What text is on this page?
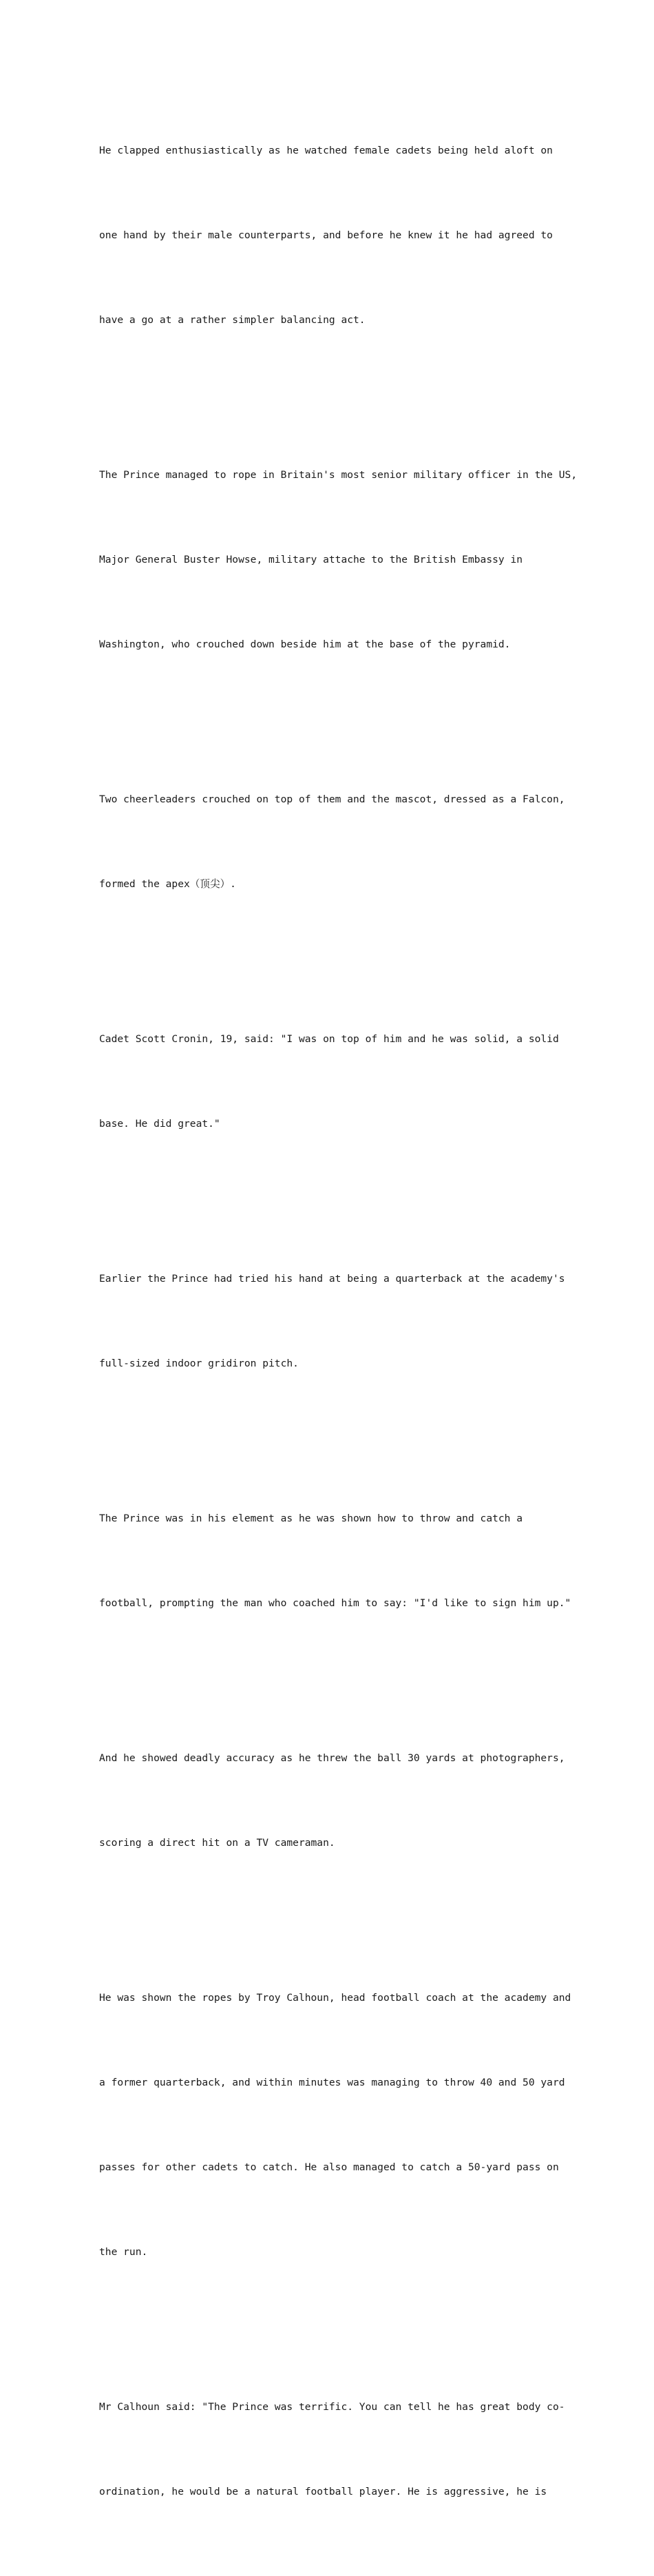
He clapped enthusiastically as he watched female cadets being held aloft on

one hand by their male counterparts, and before he knew it he had agreed to

have a go at a rather simpler balancing act.

The Prince managed to rope in Britain's most senior military officer in the US,

Major General Buster Howse, military attache to the British Embassy in

Washington, who crouched down beside him at the base of the pyramid.

Two cheerleaders crouched on top of them and the mascot, dressed as a Falcon,

formed the apex（顶尖）.

Cadet Scott Cronin, 19, said: "I was on top of him and he was solid, a solid

base. He did great."

Earlier the Prince had tried his hand at being a quarterback at the academy's

full-sized indoor gridiron pitch.

The Prince was in his element as he was shown how to throw and catch a

football, prompting the man who coached him to say: "I'd like to sign him up."

And he showed deadly accuracy as he threw the ball 30 yards at photographers,

scoring a direct hit on a TV cameraman.

He was shown the ropes by Troy Calhoun, head football coach at the academy and

a former quarterback, and within minutes was managing to throw 40 and 50 yard

passes for other cadets to catch. He also managed to catch a 50-yard pass on

the run.

Mr Calhoun said: "The Prince was terrific. You can tell he has great body co-

ordination, he would be a natural football player. He is aggressive, he is
